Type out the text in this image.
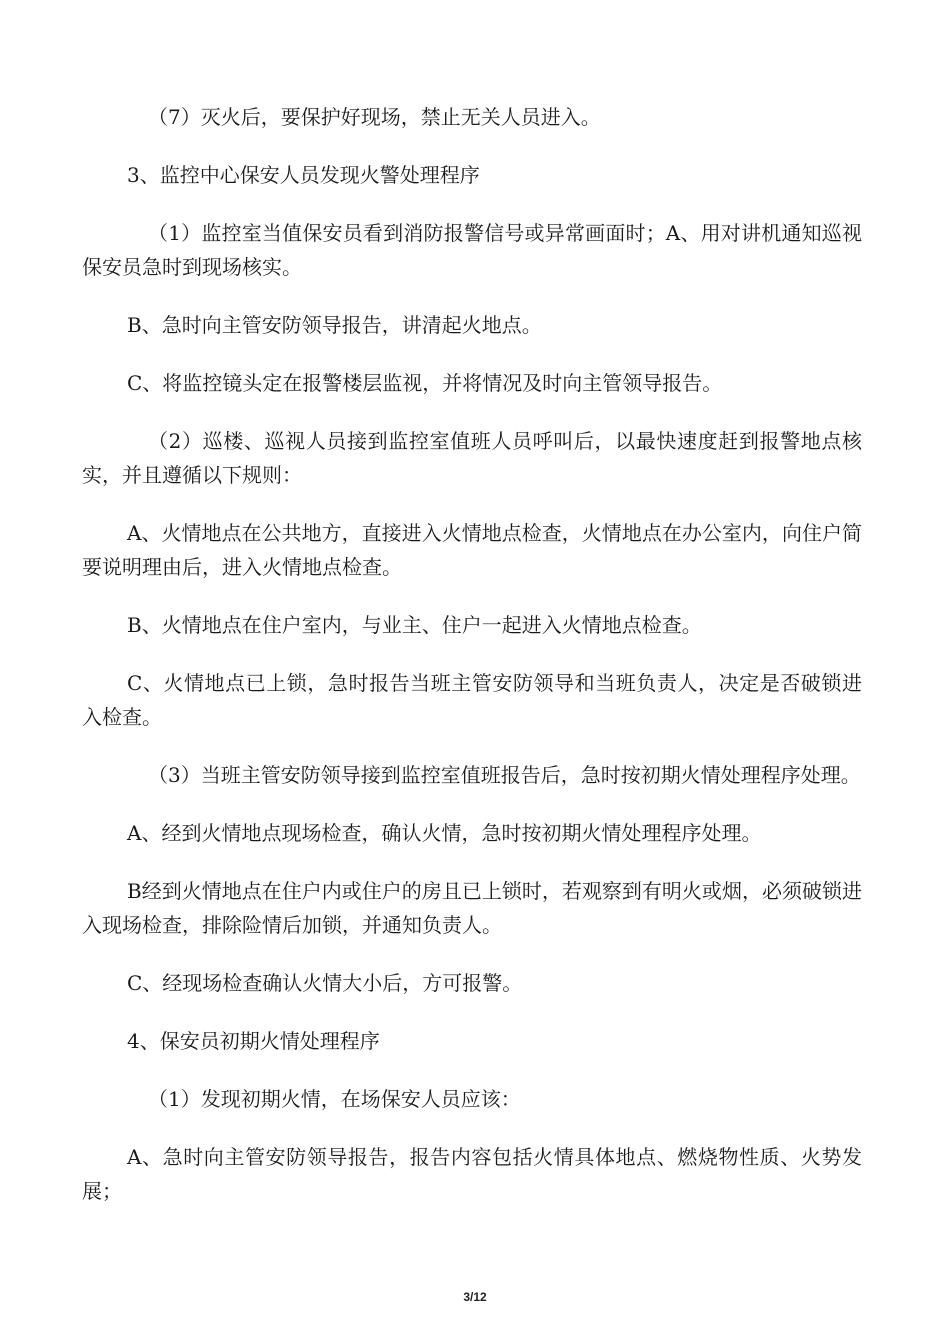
（7）灭火后，要保护好现场，禁止无关人员进入。

3、监控中心保安人员发现火警处理程序

（1）监控室当值保安员看到消防报警信号或异常画面时；A、用对讲机通知巡视保安员急时到现场核实。

B、急时向主管安防领导报告，讲清起火地点。

C、将监控镜头定在报警楼层监视，并将情况及时向主管领导报告。

（2）巡楼、巡视人员接到监控室值班人员呼叫后，以最快速度赶到报警地点核实，并且遵循以下规则：

A、火情地点在公共地方，直接进入火情地点检查，火情地点在办公室内，向住户简要说明理由后，进入火情地点检查。

B、火情地点在住户室内，与业主、住户一起进入火情地点检查。

C、火情地点已上锁，急时报告当班主管安防领导和当班负责人，决定是否破锁进入检查。

（3）当班主管安防领导接到监控室值班报告后，急时按初期火情处理程序处理。

A、经到火情地点现场检查，确认火情，急时按初期火情处理程序处理。

B经到火情地点在住户内或住户的房且已上锁时，若观察到有明火或烟，必须破锁进入现场检查，排除险情后加锁，并通知负责人。

C、经现场检查确认火情大小后，方可报警。

4、保安员初期火情处理程序

（1）发现初期火情，在场保安人员应该：

A、急时向主管安防领导报告，报告内容包括火情具体地点、燃烧物性质、火势发展；

3/12
